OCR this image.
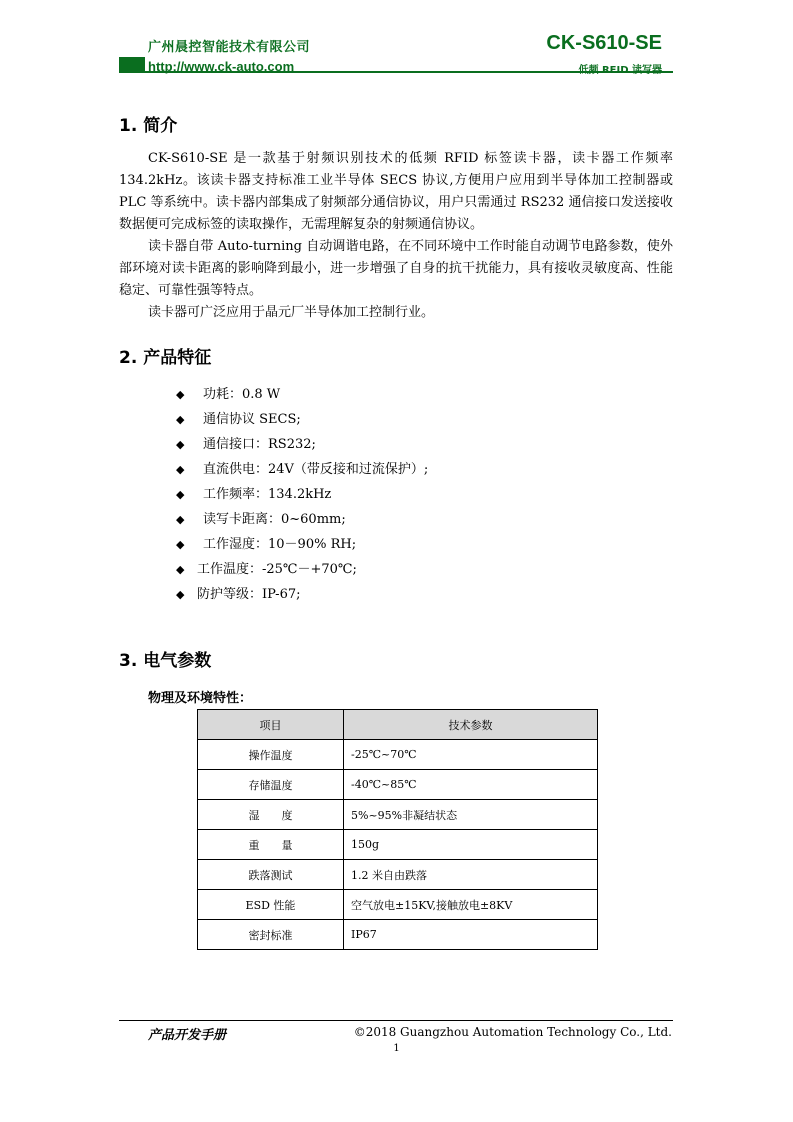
广州晨控智能技术有限公司	CK-S610-SE
http://www.ck-auto.com	低频 RFID 读写器
1. 简介

CK-S610-SE 是一款基于射频识别技术的低频 RFID 标签读卡器，读卡器工作频率 134.2kHz。该读卡器支持标准工业半导体 SECS 协议,方便用户应用到半导体加工控制器或 PLC 等系统中。读卡器内部集成了射频部分通信协议，用户只需通过 RS232 通信接口发送接收数据便可完成标签的读取操作，无需理解复杂的射频通信协议。

读卡器自带 Auto-turning 自动调谐电路，在不同环境中工作时能自动调节电路参数，使外部环境对读卡距离的影响降到最小，进一步增强了自身的抗干扰能力，具有接收灵敏度高、性能稳定、可靠性强等特点。

读卡器可广泛应用于晶元厂半导体加工控制行业。

2. 产品特征
◆	功耗：0.8 W
◆	通信协议 SECS;
◆	通信接口：RS232;
◆	直流供电：24V（带反接和过流保护）;
◆	工作频率：134.2kHz
◆	读写卡距离：0~60mm;
◆	工作湿度：10－90% RH;
◆ 工作温度：-25℃－+70℃;
◆ 防护等级：IP-67;
3. 电气参数
物理及环境特性：
项目	技术参数
操作温度	-25℃~70℃
存储温度	-40℃~85℃
湿　　度	5%~95%非凝结状态
重　　量	150g
跌落测试	1.2 米自由跌落
ESD 性能	空气放电±15KV,接触放电±8KV
密封标准	IP67
产品开发手册	©2018 Guangzhou Automation Technology Co., Ltd.
1
